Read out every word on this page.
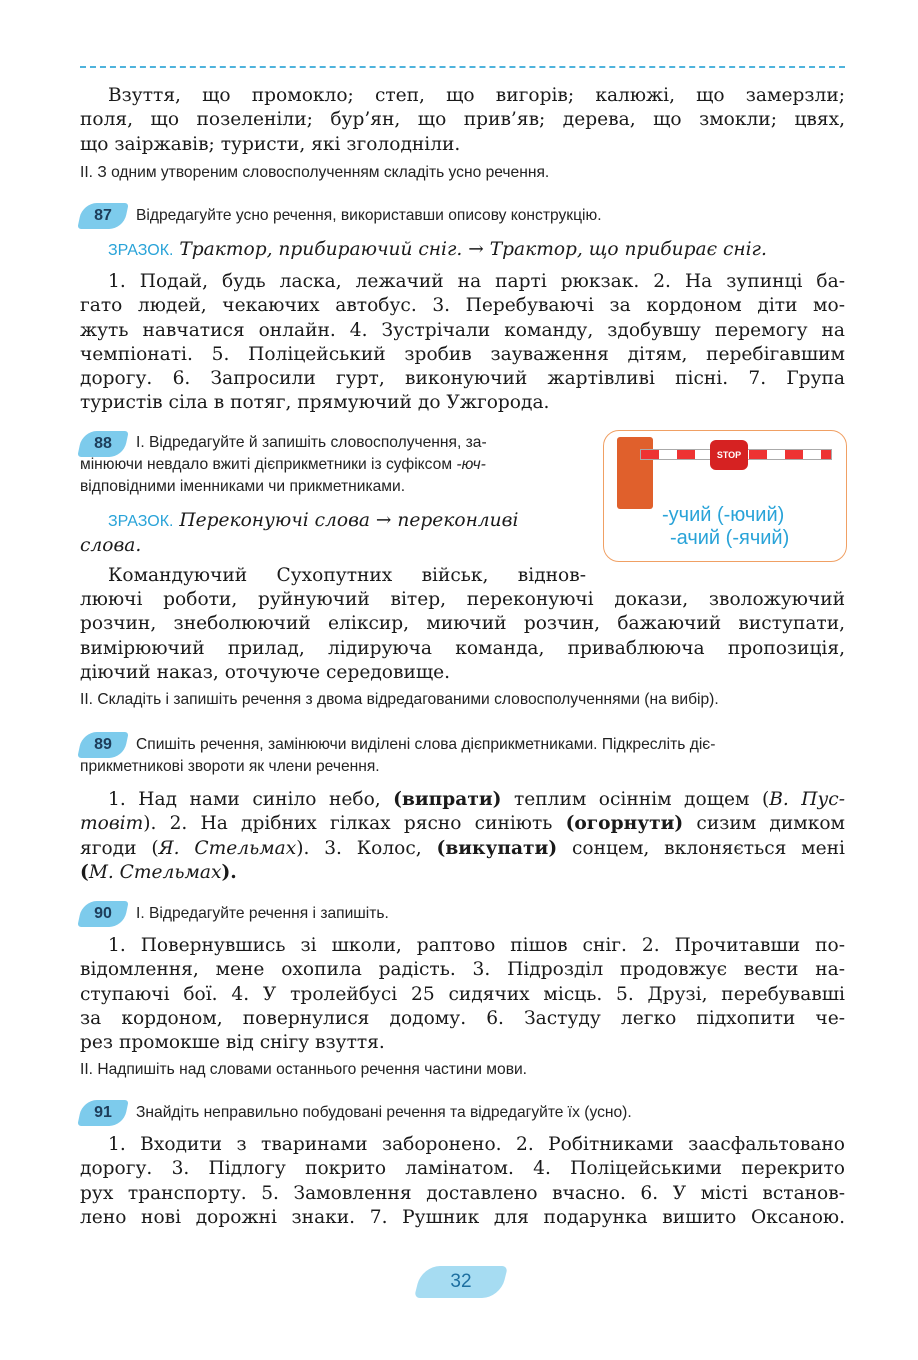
Взуття, що промокло; степ, що вигорів; калюжі, що замерзли;
поля, що позеленіли; бур’ян, що прив’яв; дерева, що змокли; цвях,
що заіржавів; туристи, які зголодніли.
II. З одним утвореним словосполученням складіть усно речення.
87	Відредагуйте усно речення, використавши описову конструкцію.
ЗРАЗОК. Трактор, прибираючий сніг. → Трактор, що прибирає сніг.
1. Подай, будь ласка, лежачий на парті рюкзак. 2. На зупинці ба-
гато людей, чекаючих автобус. 3. Перебуваючі за кордоном діти мо-
жуть навчатися онлайн. 4. Зустрічали команду, здобувшу перемогу на
чемпіонаті. 5. Поліцейський зробив зауваження дітям, перебігавшим
дорогу. 6. Запросили гурт, виконуючий жартівливі пісні. 7. Група
туристів сіла в потяг, прямуючий до Ужгорода.
88	I. Відредагуйте й запишіть словосполучення, за-
мінюючи невдало вжиті дієприкметники із суфіксом -юч-
відповідними іменниками чи прикметниками.
ЗРАЗОК. Переконуючі слова → переконливі
слова.
STOP
-учий (-ючий)
-ачий (-ячий)
Командуючий Сухопутних військ, віднов-
люючі роботи, руйнуючий вітер, переконуючі докази, зволожуючий
розчин, знеболюючий еліксир, миючий розчин, бажаючий виступати,
вимірюючий прилад, лідируюча команда, приваблююча пропозиція,
діючий наказ, оточуюче середовище.
II. Складіть і запишіть речення з двома відредагованими словосполученнями (на вибір).
89	Спишіть речення, замінюючи виділені слова дієприкметниками. Підкресліть діє-
прикметникові звороти як члени речення.
1. Над нами синіло небо, (випрати) теплим осіннім дощем (В. Пус-
товіт). 2. На дрібних гілках рясно синіють (огорнути) сизим димком
ягоди (Я. Стельмах). 3. Колос, (викупати) сонцем, вклоняється мені
(М. Стельмах).
90	I. Відредагуйте речення і запишіть.
1. Повернувшись зі школи, раптово пішов сніг. 2. Прочитавши по-
відомлення, мене охопила радість. 3. Підрозділ продовжує вести на-
ступаючі бої. 4. У тролейбусі 25 сидячих місць. 5. Друзі, перебувавші
за кордоном, повернулися додому. 6. Застуду легко підхопити че-
рез промокше від снігу взуття.
II. Надпишіть над словами останнього речення частини мови.
91	Знайдіть неправильно побудовані речення та відредагуйте їх (усно).
1. Входити з тваринами заборонено. 2. Робітниками заасфальтовано
дорогу. 3. Підлогу покрито ламінатом. 4. Поліцейськими перекрито
рух транспорту. 5. Замовлення доставлено вчасно. 6. У місті встанов-
лено нові дорожні знаки. 7. Рушник для подарунка вишито Оксаною.
32
